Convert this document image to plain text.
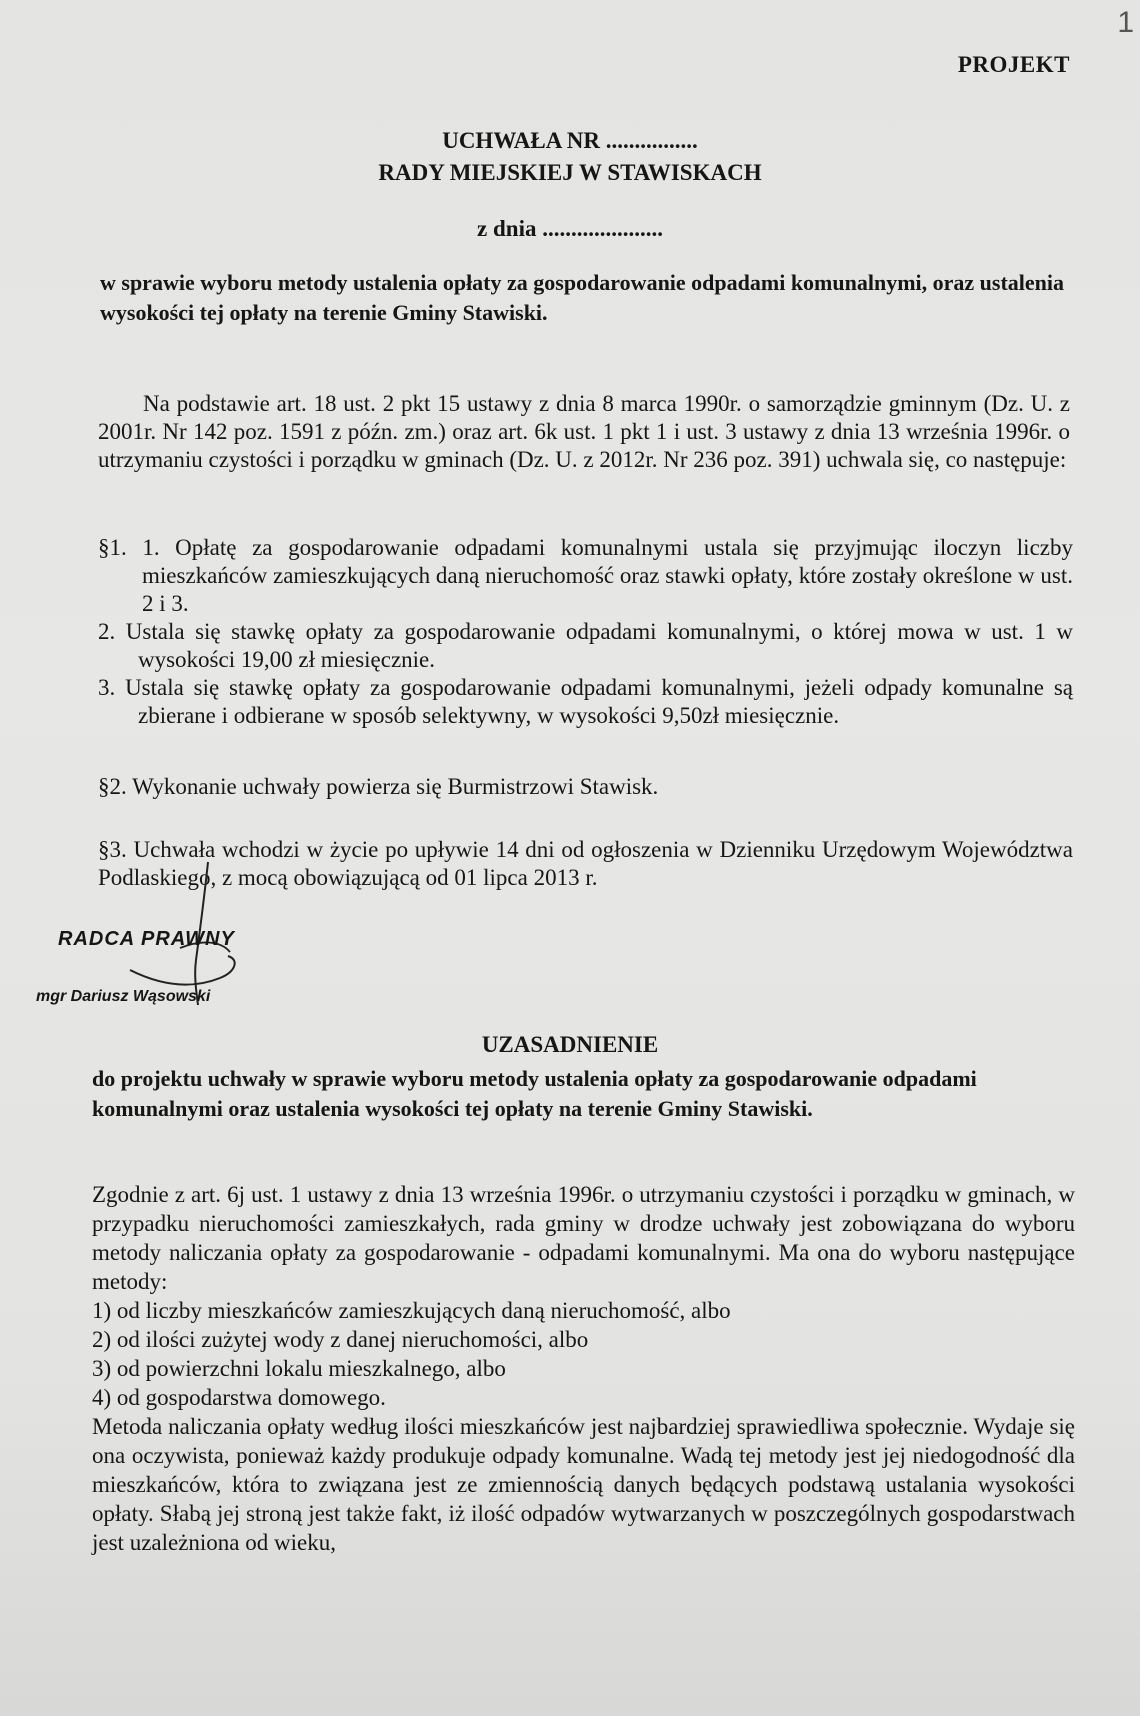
1
PROJEKT
UCHWAŁA NR ................
RADY MIEJSKIEJ W STAWISKACH
z dnia .....................
w sprawie wyboru metody ustalenia opłaty za gospodarowanie odpadami komunalnymi, oraz ustalenia wysokości tej opłaty na terenie Gminy Stawiski.
Na podstawie art. 18 ust. 2 pkt 15 ustawy z dnia 8 marca 1990r. o samorządzie gminnym (Dz. U. z 2001r. Nr 142 poz. 1591 z późn. zm.) oraz art. 6k ust. 1 pkt 1 i ust. 3 ustawy z dnia 13 września 1996r. o utrzymaniu czystości i porządku w gminach (Dz. U. z 2012r. Nr 236 poz. 391) uchwala się, co następuje:
§1. 1. Opłatę za gospodarowanie odpadami komunalnymi ustala się przyjmując iloczyn liczby mieszkańców zamieszkujących daną nieruchomość oraz stawki opłaty, które zostały określone w ust. 2 i 3.
2. Ustala się stawkę opłaty za gospodarowanie odpadami komunalnymi, o której mowa w ust. 1 w wysokości 19,00 zł miesięcznie.
3. Ustala się stawkę opłaty za gospodarowanie odpadami komunalnymi, jeżeli odpady komunalne są zbierane i odbierane w sposób selektywny, w wysokości 9,50zł miesięcznie.
§2. Wykonanie uchwały powierza się Burmistrzowi Stawisk.
§3. Uchwała wchodzi w życie po upływie 14 dni od ogłoszenia w Dzienniku Urzędowym Województwa Podlaskiego, z mocą obowiązującą od 01 lipca 2013 r.
RADCA PRAWNY
mgr Dariusz Wąsowski
UZASADNIENIE
do projektu uchwały w sprawie wyboru metody ustalenia opłaty za gospodarowanie odpadami komunalnymi oraz ustalenia wysokości tej opłaty na terenie Gminy Stawiski.

Zgodnie z art. 6j ust. 1 ustawy z dnia 13 września 1996r. o utrzymaniu czystości i porządku w gminach, w przypadku nieruchomości zamieszkałych, rada gminy w drodze uchwały jest zobowiązana do wyboru metody naliczania opłaty za gospodarowanie - odpadami komunalnymi. Ma ona do wyboru następujące metody:

1) od liczby mieszkańców zamieszkujących daną nieruchomość, albo
2) od ilości zużytej wody z danej nieruchomości, albo
3) od powierzchni lokalu mieszkalnego, albo
4) od gospodarstwa domowego.

Metoda naliczania opłaty według ilości mieszkańców jest najbardziej sprawiedliwa społecznie. Wydaje się ona oczywista, ponieważ każdy produkuje odpady komunalne. Wadą tej metody jest jej niedogodność dla mieszkańców, która to związana jest ze zmiennością danych będących podstawą ustalania wysokości opłaty. Słabą jej stroną jest także fakt, iż ilość odpadów wytwarzanych w poszczególnych gospodarstwach jest uzależniona od wieku,
